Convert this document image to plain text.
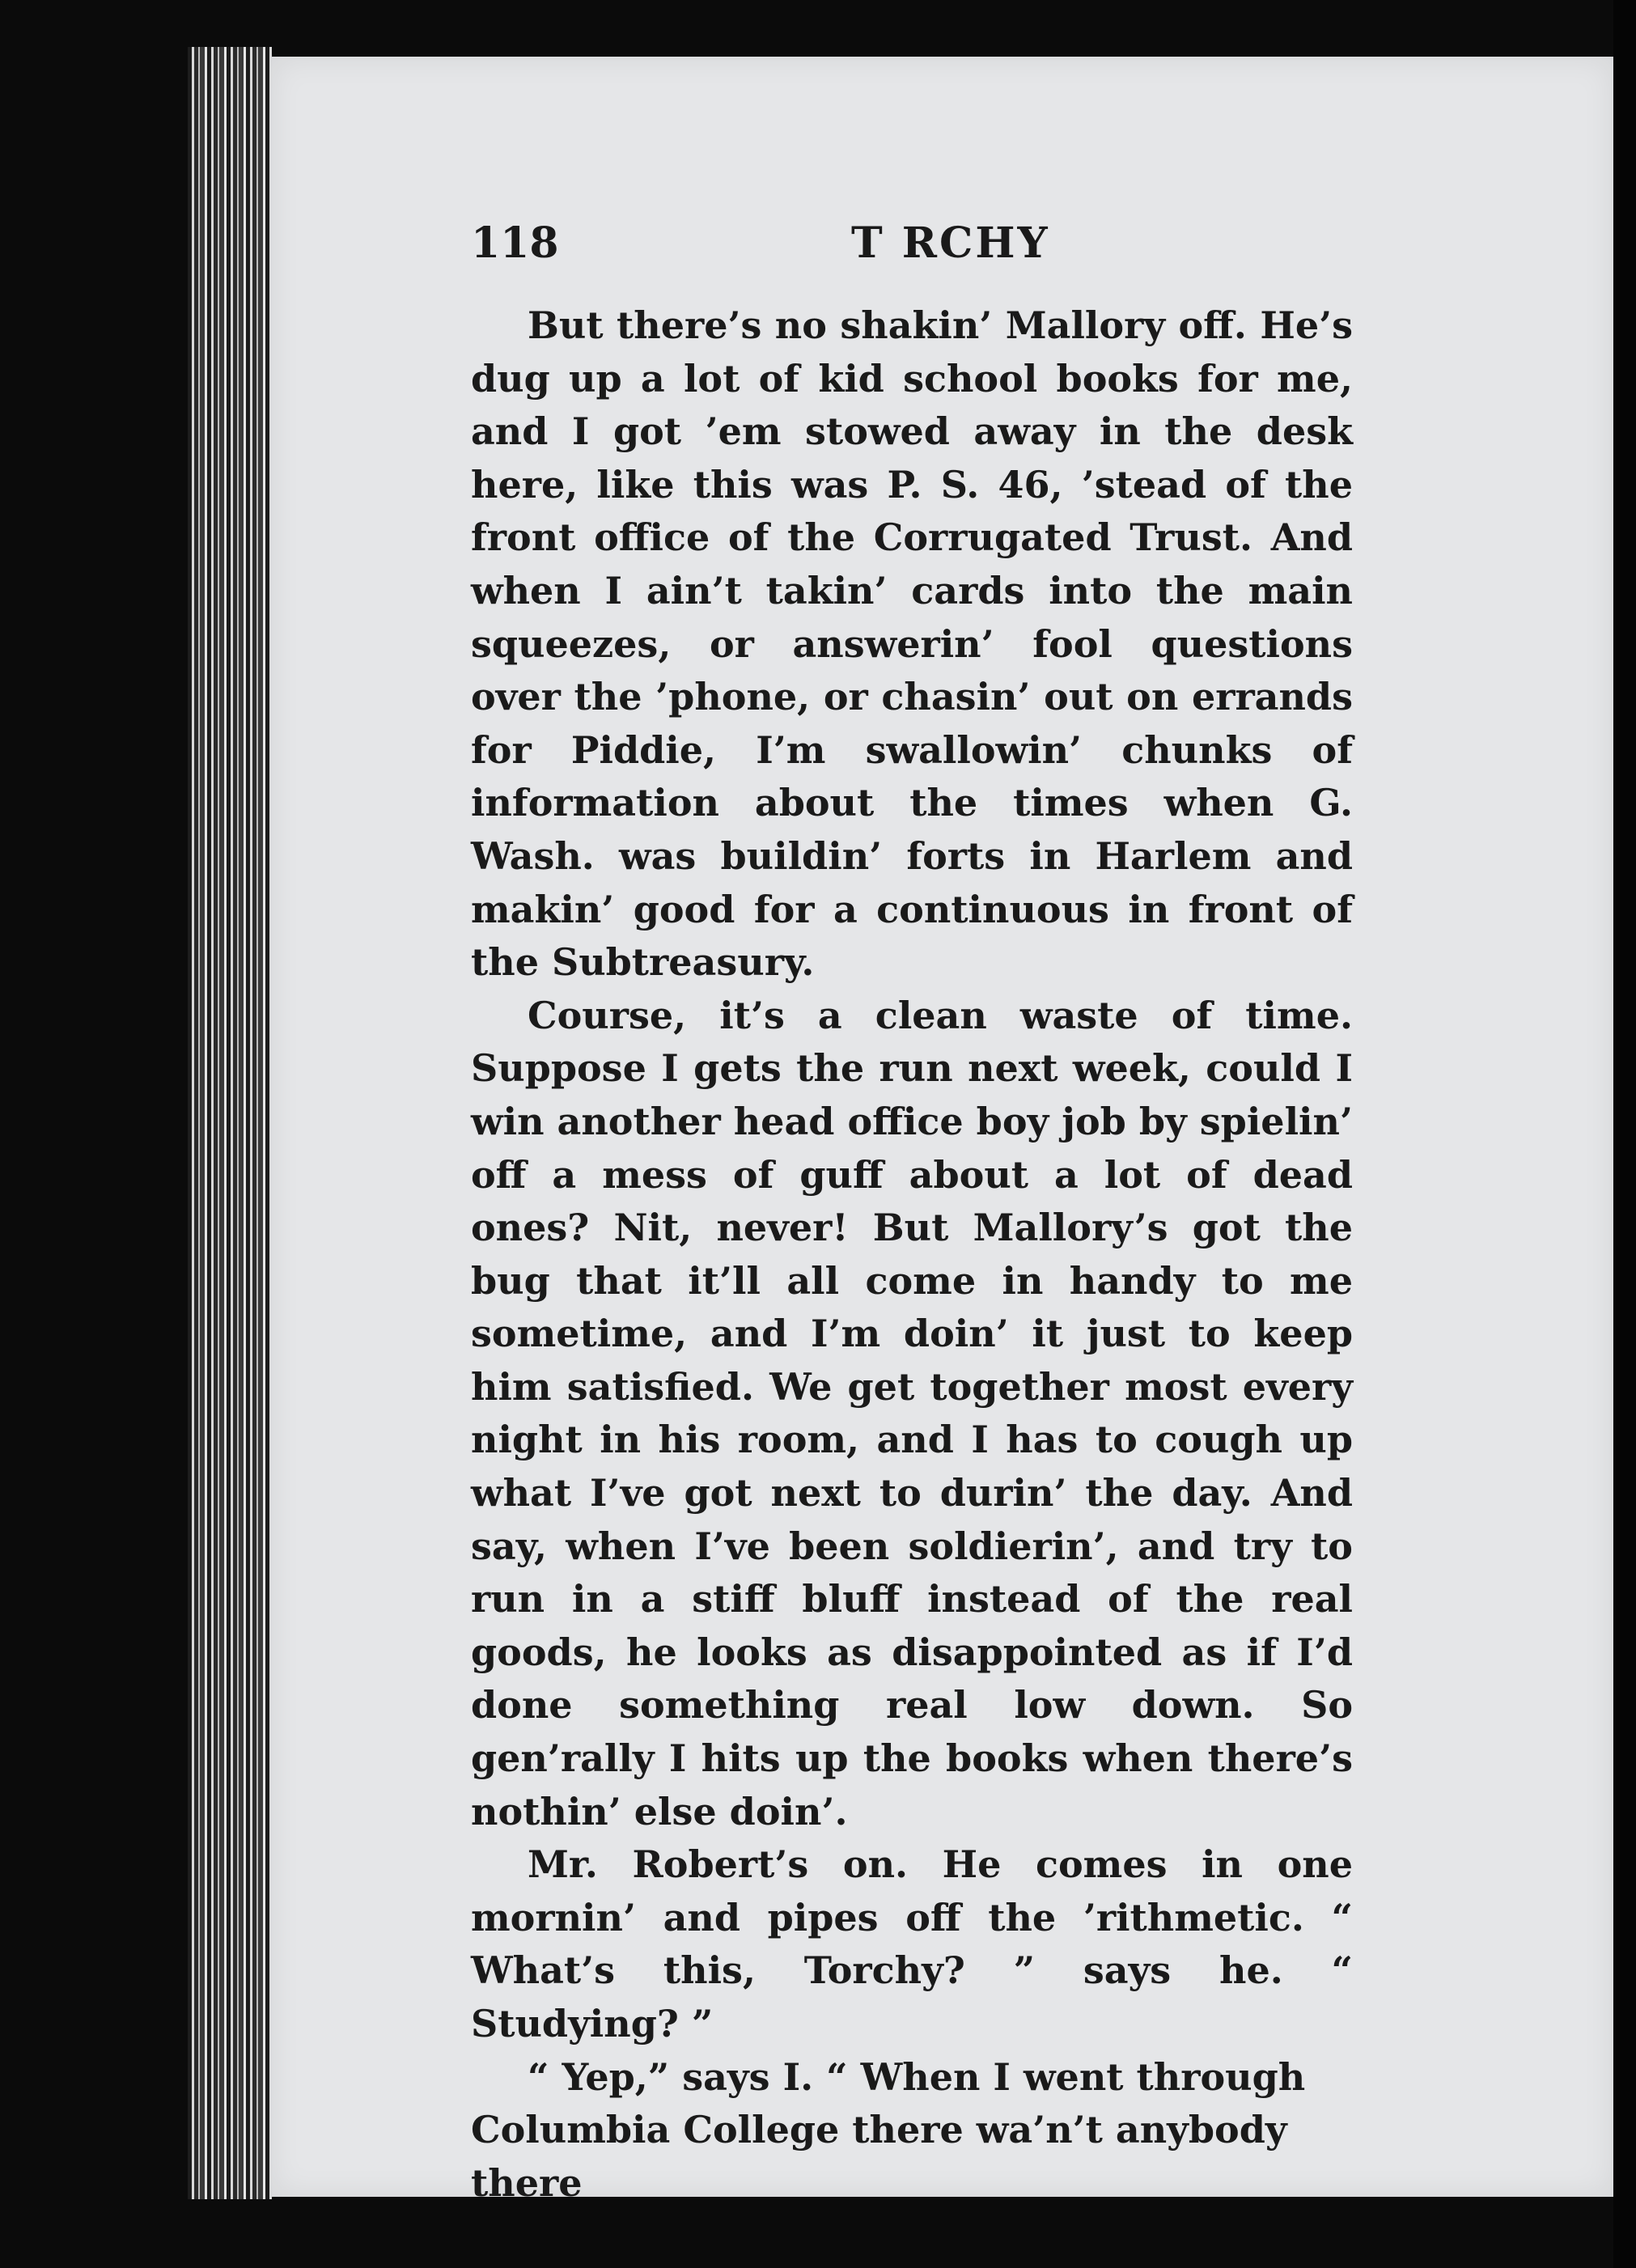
118	T RCHY

But there’s no shakin’ Mallory off. He’s dug up a lot of kid school books for me, and I got ’em stowed away in the desk here, like this was P. S. 46, ’stead of the front office of the Corrugated Trust. And when I ain’t takin’ cards into the main squeezes, or answerin’ fool questions over the ’phone, or chasin’ out on errands for Piddie, I’m swallowin’ chunks of information about the times when G. Wash. was buildin’ forts in Harlem and makin’ good for a continuous in front of the Subtreasury.

Course, it’s a clean waste of time. Suppose I gets the run next week, could I win another head office boy job by spielin’ off a mess of guff about a lot of dead ones? Nit, never! But Mallory’s got the bug that it’ll all come in handy to me sometime, and I’m doin’ it just to keep him satisfied. We get together most every night in his room, and I has to cough up what I’ve got next to durin’ the day. And say, when I’ve been soldierin’, and try to run in a stiff bluff instead of the real goods, he looks as disappointed as if I’d done something real low down. So gen’rally I hits up the books when there’s nothin’ else doin’.

Mr. Robert’s on. He comes in one mornin’ and pipes off the ’rithmetic. “ What’s this, Torchy? ” says he. “ Studying? ”

“ Yep,” says I. “ When I went through Columbia College there wa’n’t anybody there
